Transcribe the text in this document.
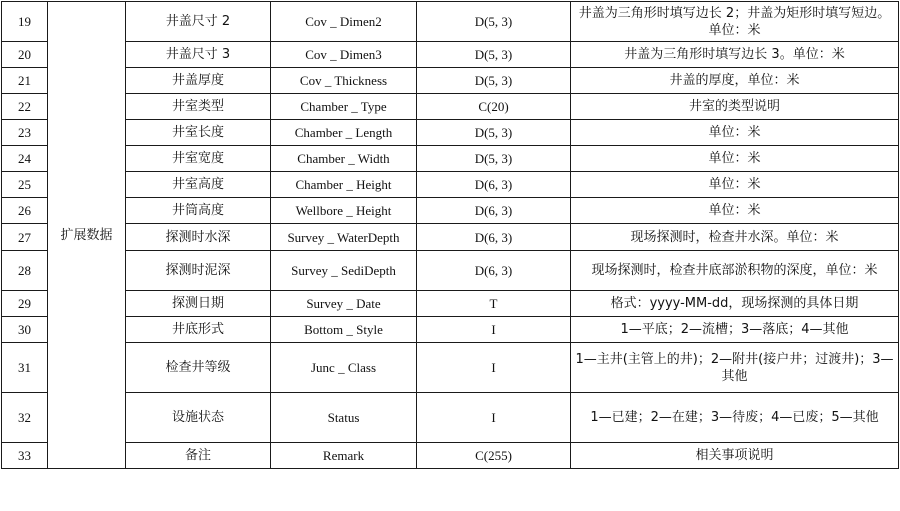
19	扩展数据	井盖尺寸 2	Cov _ Dimen2	D(5, 3)	井盖为三角形时填写边长 2；井盖为矩形时填写短边。单位：米
20		井盖尺寸 3	Cov _ Dimen3	D(5, 3)	井盖为三角形时填写边长 3。单位：米
21		井盖厚度	Cov _ Thickness	D(5, 3)	井盖的厚度，单位：米
22		井室类型	Chamber _ Type	C(20)	井室的类型说明
23		井室长度	Chamber _ Length	D(5, 3)	单位：米
24		井室宽度	Chamber _ Width	D(5, 3)	单位：米
25		井室高度	Chamber _ Height	D(6, 3)	单位：米
26		井筒高度	Wellbore _ Height	D(6, 3)	单位：米
27		探测时水深	Survey _ WaterDepth	D(6, 3)	现场探测时，检查井水深。单位：米
28		探测时泥深	Survey _ SediDepth	D(6, 3)	现场探测时，检查井底部淤积物的深度，单位：米
29		探测日期	Survey _ Date	T	格式：yyyy-MM-dd，现场探测的具体日期
30		井底形式	Bottom _ Style	I	1—平底；2—流槽；3—落底；4—其他
31		检查井等级	Junc _ Class	I	1—主井(主管上的井)；2—附井(接户井；过渡井)；3—其他
32		设施状态	Status	I	1—已建；2—在建；3—待废；4—已废；5—其他
33		备注	Remark	C(255)	相关事项说明
